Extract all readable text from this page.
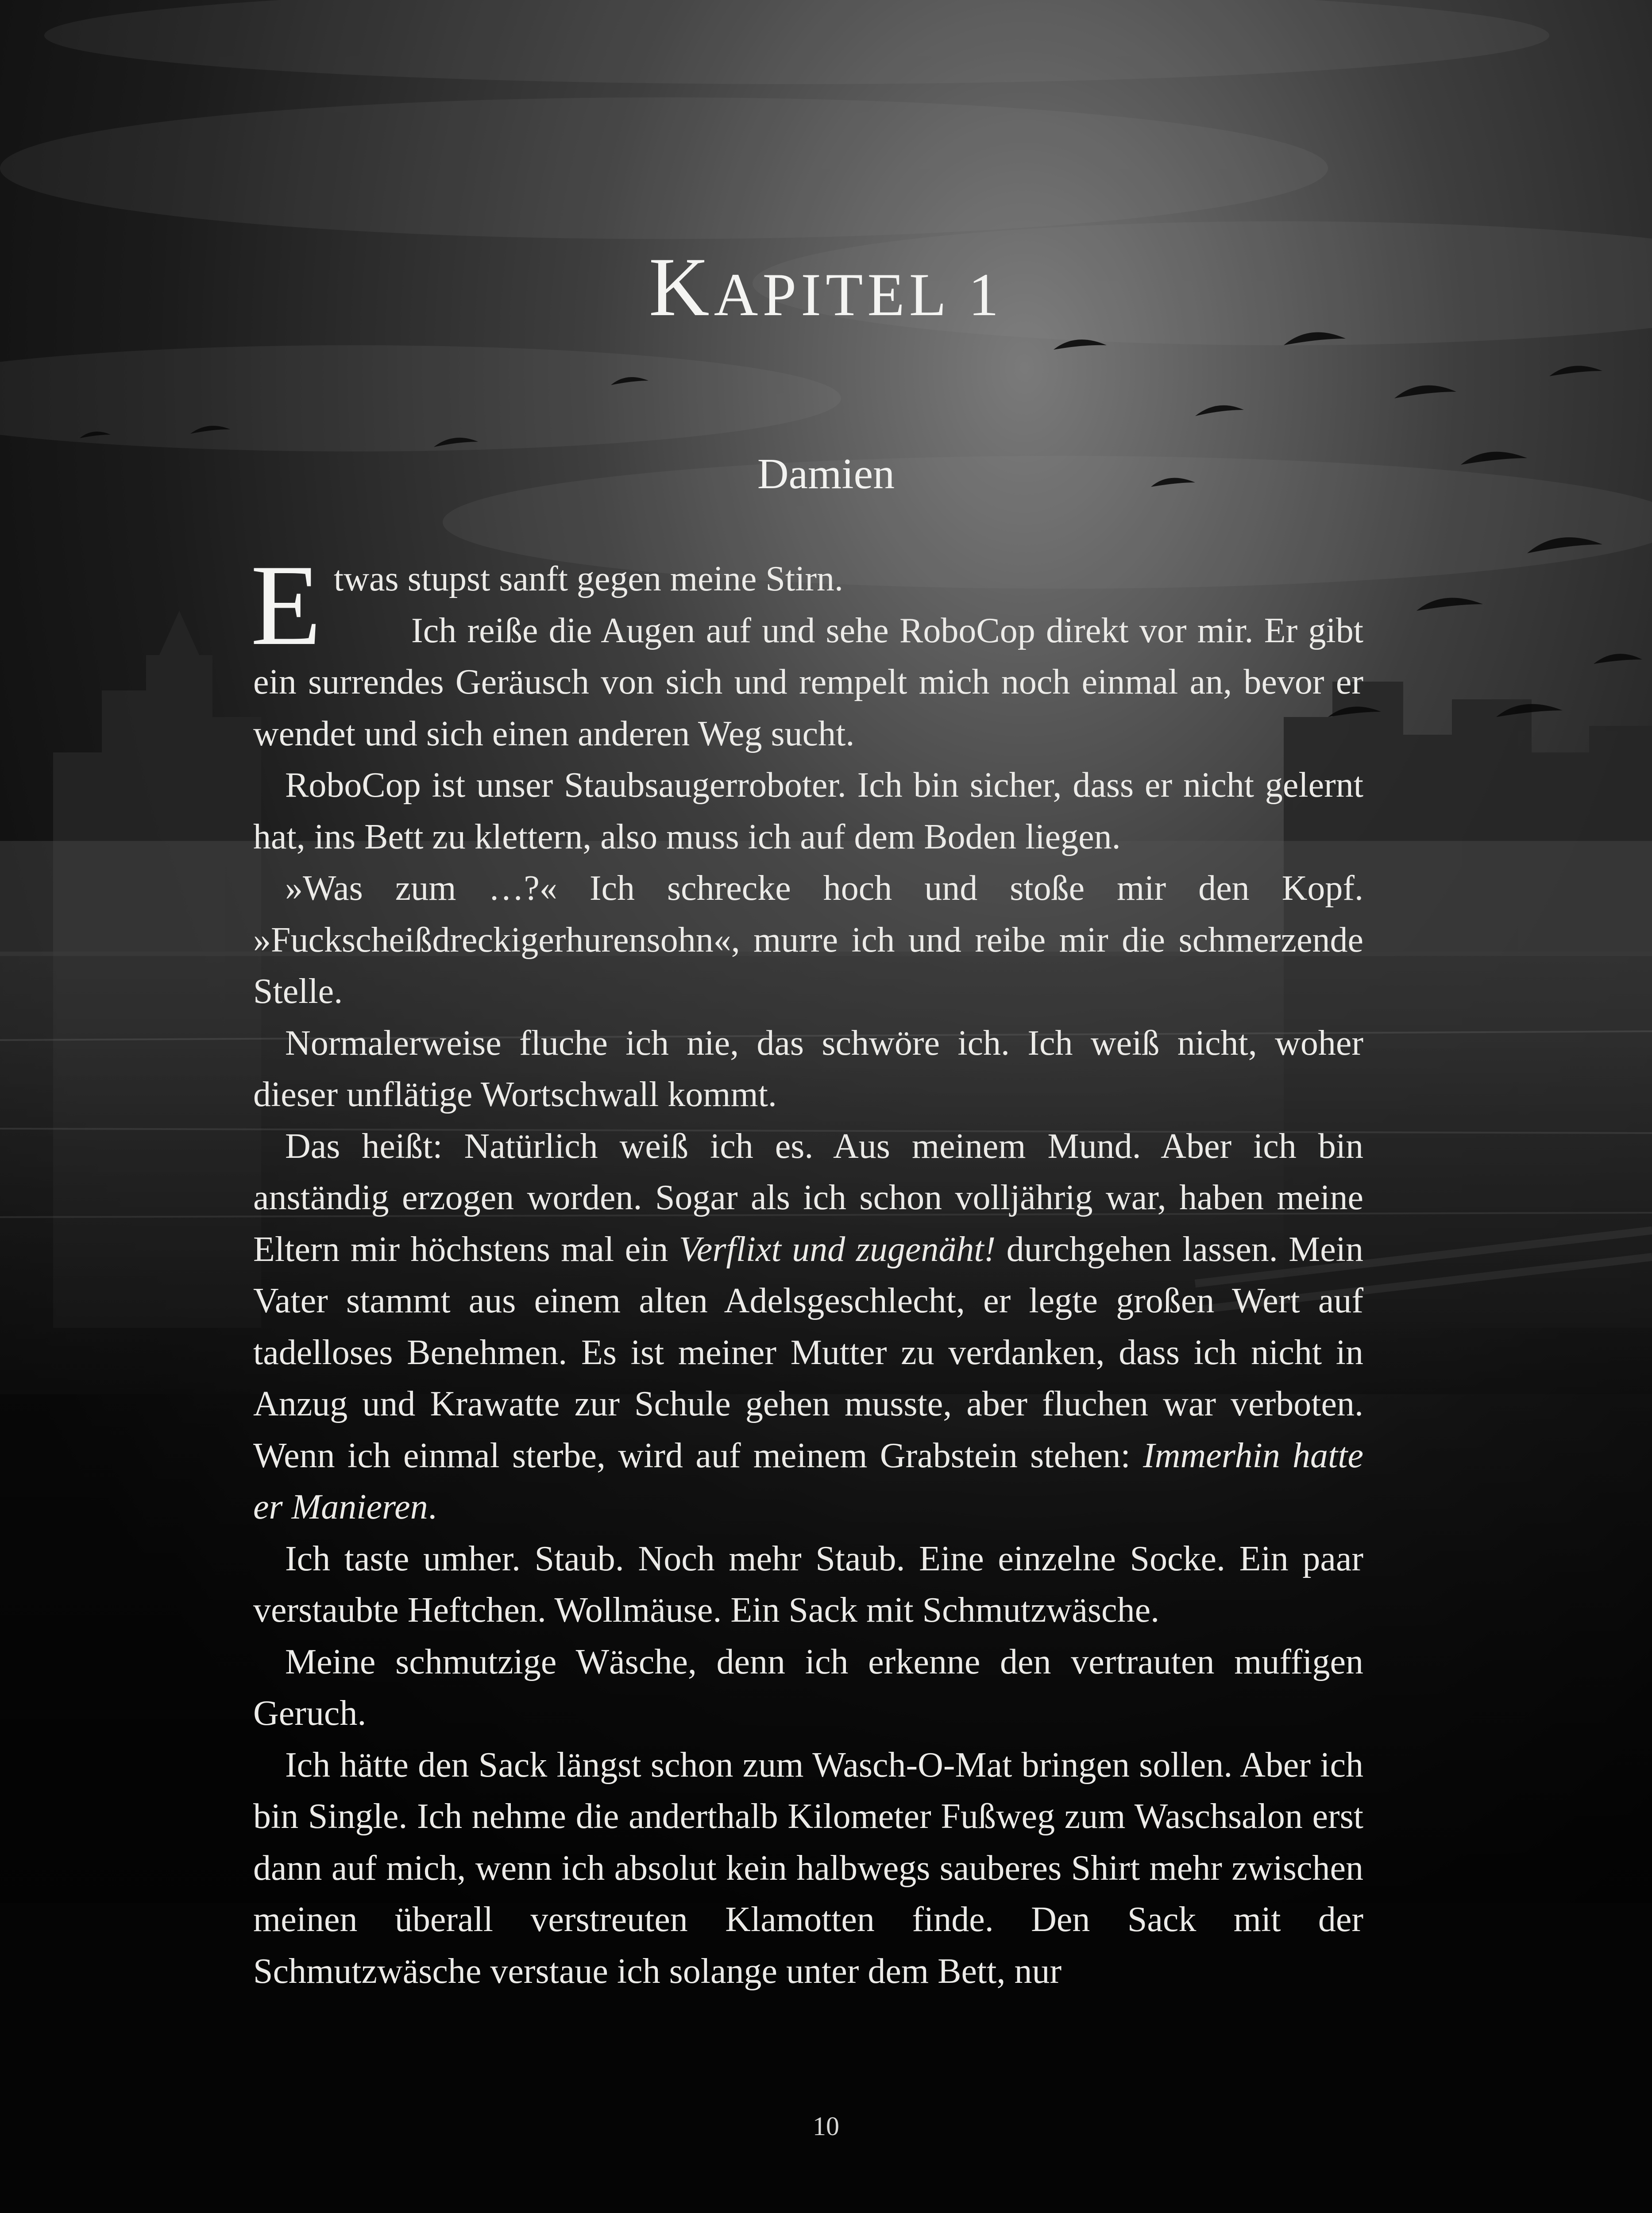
KAPITEL 1
Damien

Etwas stupst sanft gegen meine Stirn.

Ich reiße die Augen auf und sehe RoboCop direkt vor mir. Er gibt ein surrendes Geräusch von sich und rempelt mich noch einmal an, bevor er wendet und sich einen anderen Weg sucht.

RoboCop ist unser Staubsaugerroboter. Ich bin sicher, dass er nicht gelernt hat, ins Bett zu klettern, also muss ich auf dem Boden liegen.

»Was zum …?« Ich schrecke hoch und stoße mir den Kopf. »Fuckscheißdreckigerhurensohn«, murre ich und reibe mir die schmerzende Stelle.

Normalerweise fluche ich nie, das schwöre ich. Ich weiß nicht, woher dieser unflätige Wortschwall kommt.

Das heißt: Natürlich weiß ich es. Aus meinem Mund. Aber ich bin anständig erzogen worden. Sogar als ich schon volljährig war, haben meine Eltern mir höchstens mal ein Verflixt und zugenäht! durchgehen lassen. Mein Vater stammt aus einem alten Adelsgeschlecht, er legte großen Wert auf tadelloses Benehmen. Es ist meiner Mutter zu verdanken, dass ich nicht in Anzug und Krawatte zur Schule gehen musste, aber fluchen war verboten. Wenn ich einmal sterbe, wird auf meinem Grabstein stehen: Immerhin hatte er Manieren.

Ich taste umher. Staub. Noch mehr Staub. Eine einzelne Socke. Ein paar verstaubte Heftchen. Wollmäuse. Ein Sack mit Schmutzwäsche.

Meine schmutzige Wäsche, denn ich erkenne den vertrauten muffigen Geruch.

Ich hätte den Sack längst schon zum Wasch-O-Mat bringen sollen. Aber ich bin Single. Ich nehme die anderthalb Kilometer Fußweg zum Waschsalon erst dann auf mich, wenn ich absolut kein halbwegs sauberes Shirt mehr zwischen meinen überall verstreuten Klamotten finde. Den Sack mit der Schmutzwäsche verstaue ich solange unter dem Bett, nur

10
